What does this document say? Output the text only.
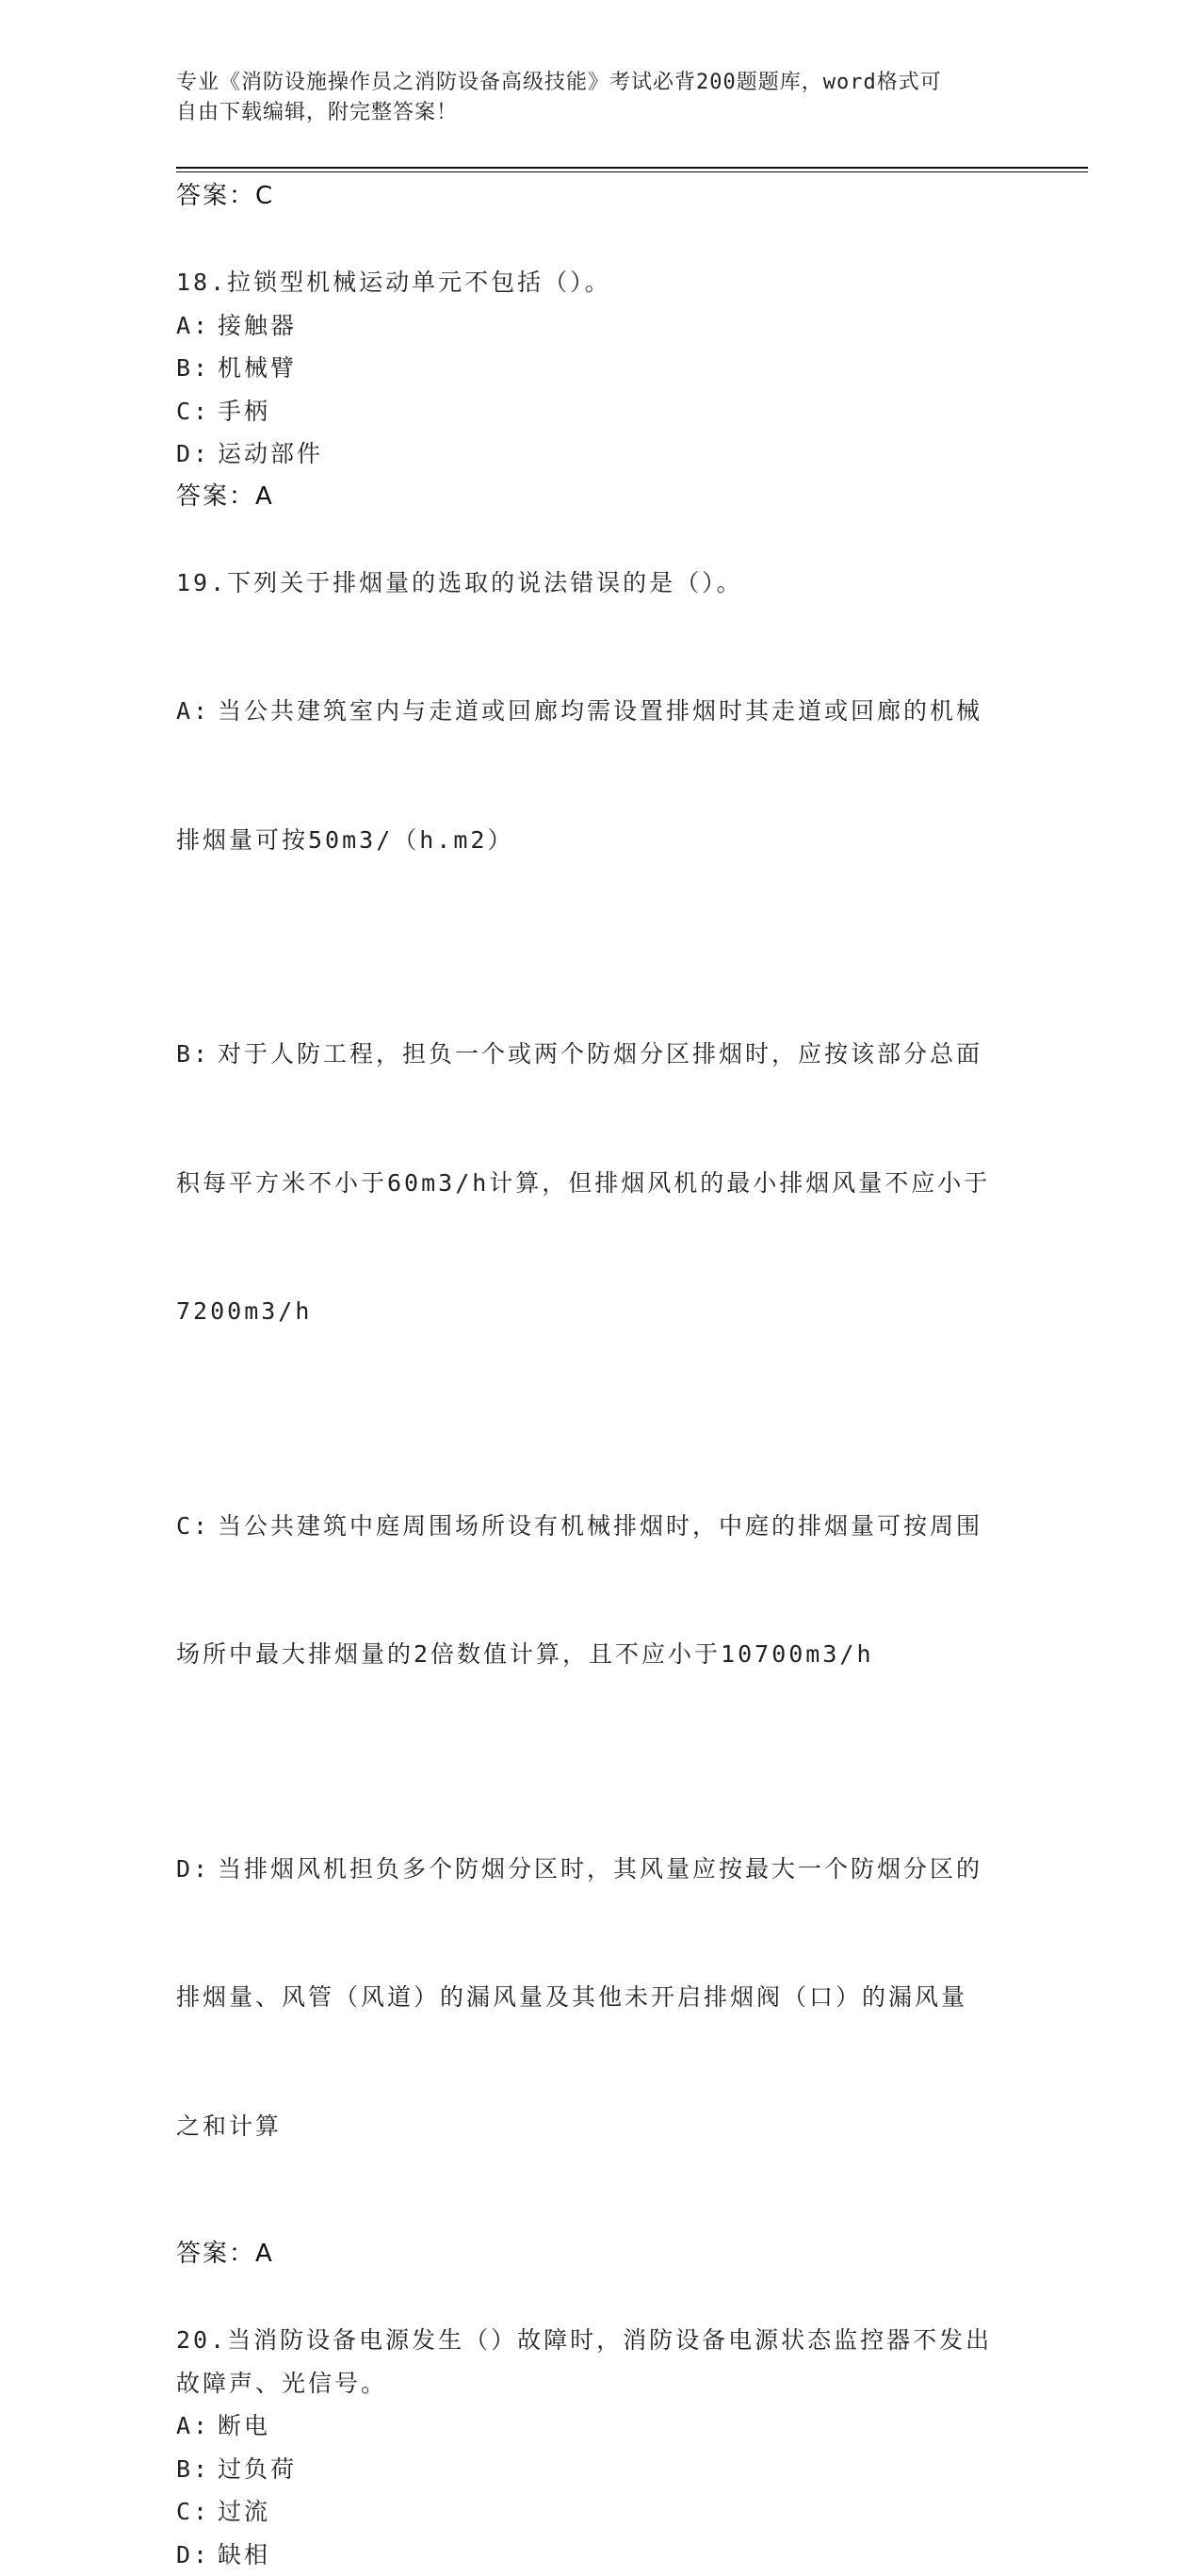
专业《消防设施操作员之消防设备高级技能》考试必背200题题库，word格式可
自由下载编辑，附完整答案！
答案：C
18.拉锁型机械运动单元不包括（）。
A: 接触器
B: 机械臂
C: 手柄
D: 运动部件
答案：A
19.下列关于排烟量的选取的说法错误的是（）。

A: 当公共建筑室内与走道或回廊均需设置排烟时其走道或回廊的机械

排烟量可按50m3/（h.m2）

B: 对于人防工程，担负一个或两个防烟分区排烟时，应按该部分总面

积每平方米不小于60m3/h计算，但排烟风机的最小排烟风量不应小于

7200m3/h

C: 当公共建筑中庭周围场所设有机械排烟时，中庭的排烟量可按周围

场所中最大排烟量的2倍数值计算，且不应小于10700m3/h

D: 当排烟风机担负多个防烟分区时，其风量应按最大一个防烟分区的

排烟量、风管（风道）的漏风量及其他未开启排烟阀（口）的漏风量

之和计算

答案：A
20.当消防设备电源发生（）故障时，消防设备电源状态监控器不发出
故障声、光信号。
A: 断电
B: 过负荷
C: 过流
D: 缺相
